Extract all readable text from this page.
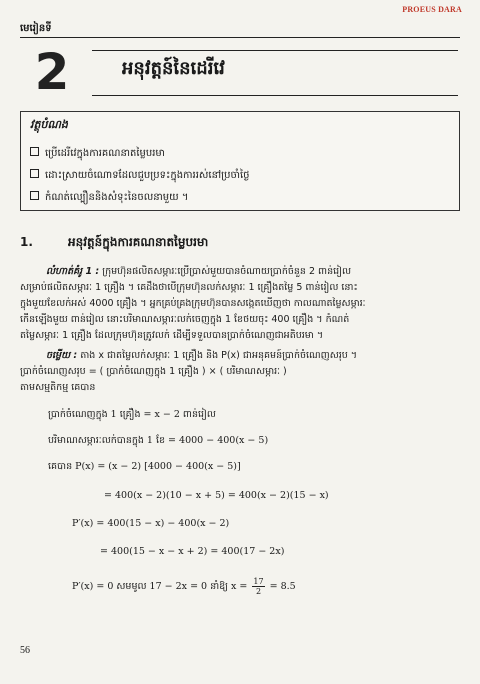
PROEUS DARA
មេរៀនទី
2	អនុវត្តន៍នៃដេរីវេ
វត្ថុបំណង
ប្រើដេរីវេក្នុងការគណនាតម្លៃបរមា
ដោះស្រាយចំណោទដែលជួបប្រទះក្នុងការរស់នៅប្រចាំថ្ងៃ
កំណត់ល្បឿននិងសំទុះនៃចលនាមួយ ។
1.	អនុវត្តន៍ក្នុងការគណនាតម្លៃបរមា
លំហាត់គំរូ 1 : ក្រុមហ៊ុនផលិតសម្ភារៈប្រើប្រាស់មួយបានចំណាយប្រាក់ចំនួន 2 ពាន់រៀល
សម្រាប់ផលិតសម្ភារៈ 1 គ្រឿង ។ គេដឹងថាបើក្រុមហ៊ុនលក់សម្ភារៈ 1 គ្រឿងតម្លៃ 5 ពាន់រៀល នោះ
ក្នុងមួយខែលក់អស់ 4000 គ្រឿង ។ អ្នកគ្រប់គ្រងក្រុមហ៊ុនបានសង្កេតឃើញថា កាលណាតម្លៃសម្ភារៈ
កើនឡើងមួយ ពាន់រៀល នោះបរិមាណសម្ភារៈលក់ចេញក្នុង 1 ខែថយចុះ 400 គ្រឿង ។ កំណត់
តម្លៃសម្ភារៈ 1 គ្រឿង ដែលក្រុមហ៊ុនត្រូវលក់ ដើម្បីទទួលបានប្រាក់ចំណេញជាអតិបរមា ។
ចម្លើយ : តាង x ជាតម្លៃលក់សម្ភារៈ 1 គ្រឿង និង P(x) ជាអនុគមន៍ប្រាក់ចំណេញសរុប ។
ប្រាក់ចំណេញសរុប = ( ប្រាក់ចំណេញក្នុង 1 គ្រឿង ) × ( បរិមាណសម្ភារៈ )
តាមសម្មតិកម្ម គេបាន
ប្រាក់ចំណេញក្នុង 1 គ្រឿង = x − 2 ពាន់រៀល
បរិមាណសម្ភារៈលក់បានក្នុង 1 ខែ = 4000 − 400(x − 5)
គេបាន P(x) = (x − 2) [4000 − 400(x − 5)]
= 400(x − 2)(10 − x + 5) = 400(x − 2)(15 − x)
P′(x) = 400(15 − x) − 400(x − 2)
= 400(15 − x − x + 2) = 400(17 − 2x)
P′(x) = 0 សមមូល 17 − 2x = 0 នាំឱ្យ $x = \frac{17}{2} = 8.5$
56
